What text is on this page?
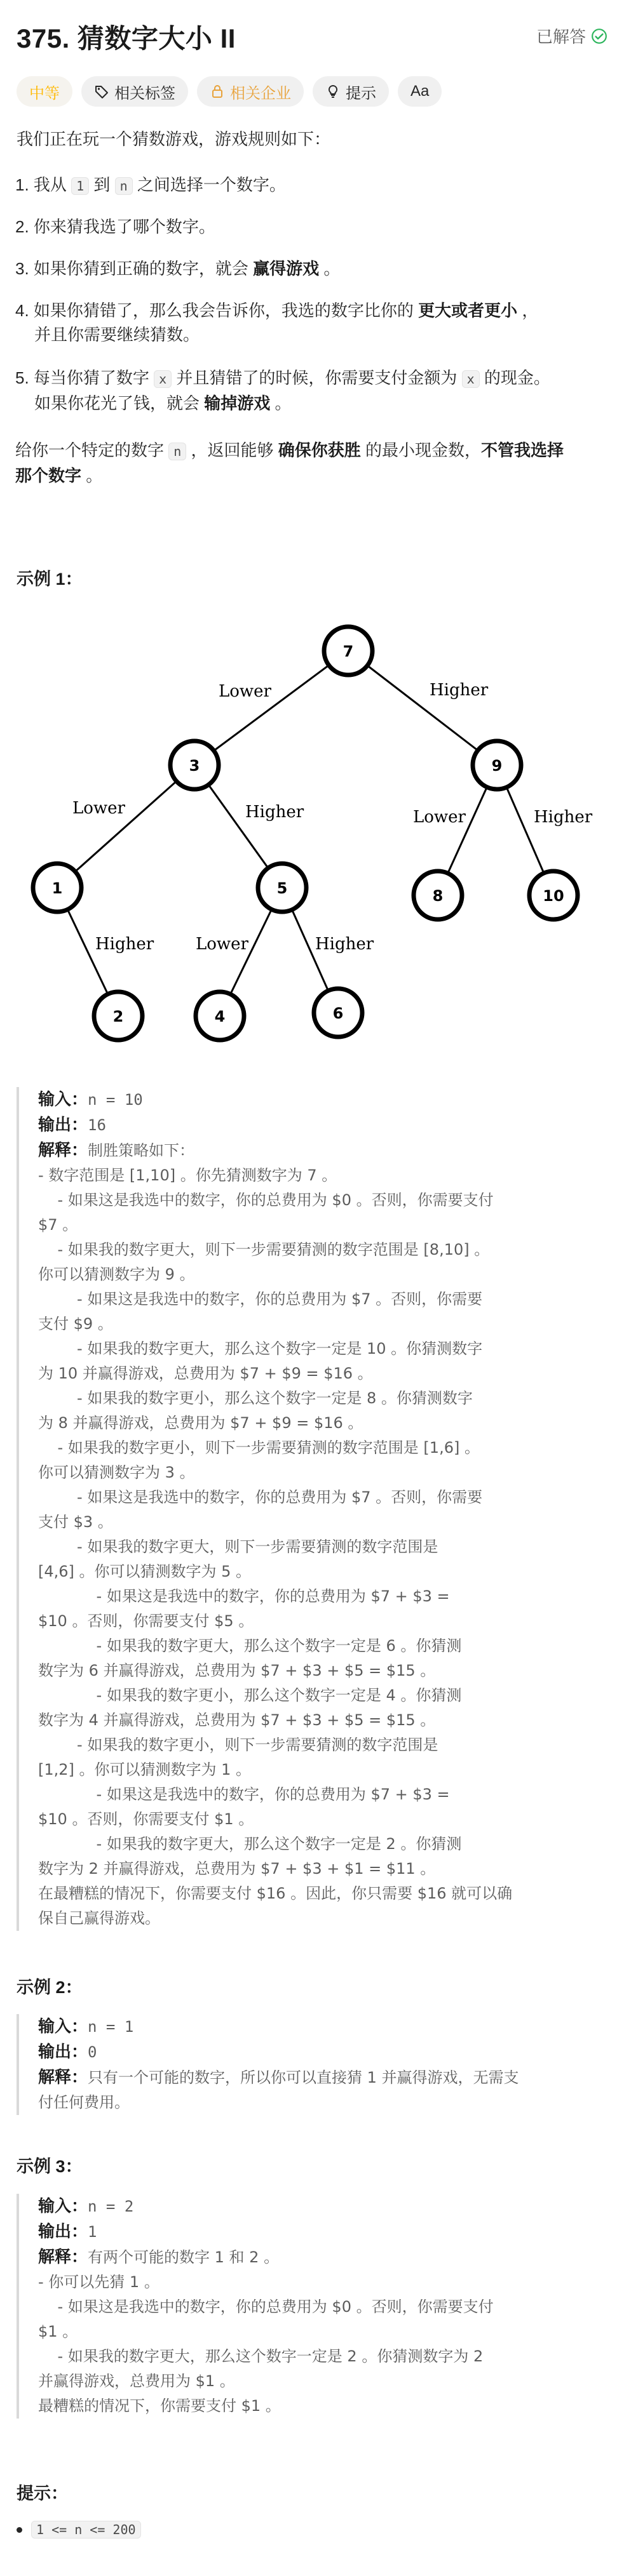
375. 猜数字大小 II	已解答
中等	相关标签	相关企业	提示 Aa

我们正在玩一个猜数游戏，游戏规则如下：

1. 我从 1 到 n 之间选择一个数字。
2. 你来猜我选了哪个数字。
3. 如果你猜到正确的数字，就会 赢得游戏 。
4. 如果你猜错了，那么我会告诉你，我选的数字比你的 更大或者更小 ，
并且你需要继续猜数。
5. 每当你猜了数字 x 并且猜错了的时候，你需要支付金额为 x 的现金。
如果你花光了钱，就会 输掉游戏 。
给你一个特定的数字 n ，返回能够 确保你获胜 的最小现金数，不管我选择
那个数字 。
示例 1：
Lower	Higher
Lower	Higher	Lower	Higher
Higher	Lower	Higher
7
3	9
1	5	8	10
2	4	6
输入：n = 10
输出：16
解释：制胜策略如下：
- 数字范围是 [1,10] 。你先猜测数字为 7 。
- 如果这是我选中的数字，你的总费用为 $0 。否则，你需要支付
$7 。
- 如果我的数字更大，则下一步需要猜测的数字范围是 [8,10] 。
你可以猜测数字为 9 。
- 如果这是我选中的数字，你的总费用为 $7 。否则，你需要
支付 $9 。
- 如果我的数字更大，那么这个数字一定是 10 。你猜测数字
为 10 并赢得游戏，总费用为 $7 + $9 = $16 。
- 如果我的数字更小，那么这个数字一定是 8 。你猜测数字
为 8 并赢得游戏，总费用为 $7 + $9 = $16 。
- 如果我的数字更小，则下一步需要猜测的数字范围是 [1,6] 。
你可以猜测数字为 3 。
- 如果这是我选中的数字，你的总费用为 $7 。否则，你需要
支付 $3 。
- 如果我的数字更大，则下一步需要猜测的数字范围是
[4,6] 。你可以猜测数字为 5 。
- 如果这是我选中的数字，你的总费用为 $7 + $3 =
$10 。否则，你需要支付 $5 。
- 如果我的数字更大，那么这个数字一定是 6 。你猜测
数字为 6 并赢得游戏，总费用为 $7 + $3 + $5 = $15 。
- 如果我的数字更小，那么这个数字一定是 4 。你猜测
数字为 4 并赢得游戏，总费用为 $7 + $3 + $5 = $15 。
- 如果我的数字更小，则下一步需要猜测的数字范围是
[1,2] 。你可以猜测数字为 1 。
- 如果这是我选中的数字，你的总费用为 $7 + $3 =
$10 。否则，你需要支付 $1 。
- 如果我的数字更大，那么这个数字一定是 2 。你猜测
数字为 2 并赢得游戏，总费用为 $7 + $3 + $1 = $11 。
在最糟糕的情况下，你需要支付 $16 。因此，你只需要 $16 就可以确
保自己赢得游戏。
示例 2：
输入：n = 1
输出：0
解释：只有一个可能的数字，所以你可以直接猜 1 并赢得游戏，无需支
付任何费用。
示例 3：
输入：n = 2
输出：1
解释：有两个可能的数字 1 和 2 。
- 你可以先猜 1 。
- 如果这是我选中的数字，你的总费用为 $0 。否则，你需要支付
$1 。
- 如果我的数字更大，那么这个数字一定是 2 。你猜测数字为 2
并赢得游戏，总费用为 $1 。
最糟糕的情况下，你需要支付 $1 。
提示：
1 <= n <= 200
